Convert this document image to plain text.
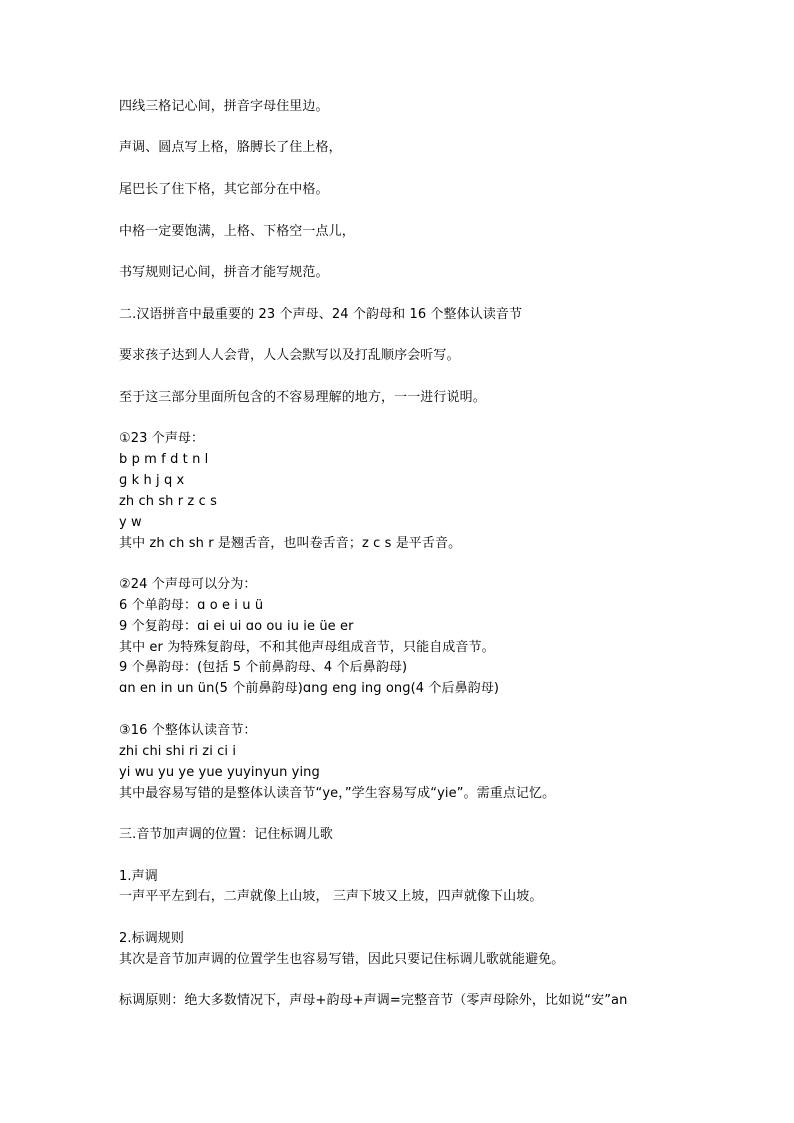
四线三格记心间，拼音字母住里边。
声调、圆点写上格，胳膊长了住上格，
尾巴长了住下格，其它部分在中格。
中格一定要饱满，上格、下格空一点儿，
书写规则记心间，拼音才能写规范。
二.汉语拼音中最重要的 23 个声母、24 个韵母和 16 个整体认读音节
要求孩子达到人人会背，人人会默写以及打乱顺序会听写。
至于这三部分里面所包含的不容易理解的地方，一一进行说明。
①23 个声母：
b p m f d t n l
ɡ k h j q x
zh ch sh r z c s
y w
其中 zh ch sh r 是翘舌音，也叫卷舌音；z c s 是平舌音。
②24 个声母可以分为：
6 个单韵母：ɑ o e i u ü
9 个复韵母：ɑi ei ui ɑo ou iu ie üe er
其中 er 为特殊复韵母，不和其他声母组成音节，只能自成音节。
9 个鼻韵母：(包括 5 个前鼻韵母、4 个后鼻韵母)
ɑn en in un ün(5 个前鼻韵母)ɑnɡ enɡ inɡ onɡ(4 个后鼻韵母)
③16 个整体认读音节：
zhi chi shi ri zi ci i
yi wu yu ye yue yuyinyun ying
其中最容易写错的是整体认读音节“ye，”学生容易写成“yie”。需重点记忆。
三.音节加声调的位置：记住标调儿歌
1.声调
一声平平左到右，二声就像上山坡， 三声下坡又上坡，四声就像下山坡。
2.标调规则
其次是音节加声调的位置学生也容易写错，因此只要记住标调儿歌就能避免。
标调原则：绝大多数情况下，声母+韵母+声调=完整音节（零声母除外，比如说“安”an
